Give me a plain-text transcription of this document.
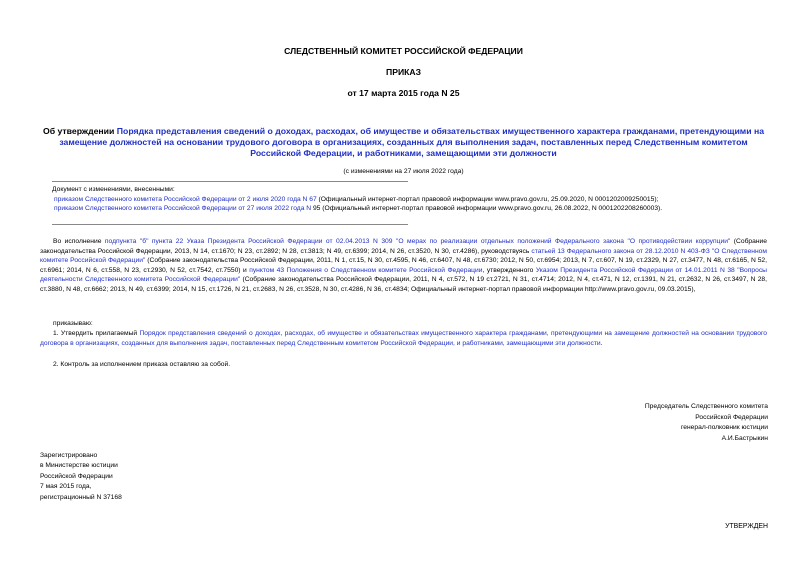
СЛЕДСТВЕННЫЙ КОМИТЕТ РОССИЙСКОЙ ФЕДЕРАЦИИ
ПРИКАЗ
от 17 марта 2015 года N 25
Об утверждении Порядка представления сведений о доходах, расходах, об имуществе и обязательствах имущественного характера гражданами, претендующими на замещение должностей на основании трудового договора в организациях, созданных для выполнения задач, поставленных перед Следственным комитетом Российской Федерации, и работниками, замещающими эти должности
(с изменениями на 27 июля 2022 года)
Документ с изменениями, внесенными:
приказом Следственного комитета Российской Федерации от 2 июля 2020 года N 67 (Официальный интернет-портал правовой информации www.pravo.gov.ru, 25.09.2020, N 0001202009250015);
приказом Следственного комитета Российской Федерации от 27 июля 2022 года N 95 (Официальный интернет-портал правовой информации www.pravo.gov.ru, 26.08.2022, N 0001202208260003).
Во исполнение подпункта "б" пункта 22 Указа Президента Российской Федерации от 02.04.2013 N 309 "О мерах по реализации отдельных положений Федерального закона "О противодействии коррупции" (Собрание законодательства Российской Федерации, 2013, N 14, ст.1670; N 23, ст.2892; N 28, ст.3813; N 49, ст.6399; 2014, N 26, ст.3520, N 30, ст.4286), руководствуясь статьей 13 Федерального закона от 28.12.2010 N 403-ФЗ "О Следственном комитете Российской Федерации" (Собрание законодательства Российской Федерации, 2011, N 1, ст.15, N 30, ст.4595, N 46, ст.6407, N 48, ст.6730; 2012, N 50, ст.6954; 2013, N 7, ст.607, N 19, ст.2329, N 27, ст.3477, N 48, ст.6165, N 52, ст.6961; 2014, N 6, ст.558, N 23, ст.2930, N 52, ст.7542, ст.7550) и пунктом 43 Положения о Следственном комитете Российской Федерации, утвержденного Указом Президента Российской Федерации от 14.01.2011 N 38 "Вопросы деятельности Следственного комитета Российской Федерации" (Собрание законодательства Российской Федерации, 2011, N 4, ст.572, N 19 ст.2721, N 31, ст.4714; 2012, N 4, ст.471, N 12, ст.1391, N 21, ст.2632, N 26, ст.3497, N 28, ст.3880, N 48, ст.6662; 2013, N 49, ст.6399; 2014, N 15, ст.1726, N 21, ст.2683, N 26, ст.3528, N 30, ст.4286, N 36, ст.4834; Официальный интернет-портал правовой информации http://www.pravo.gov.ru, 09.03.2015),
приказываю:
1. Утвердить прилагаемый Порядок представления сведений о доходах, расходах, об имуществе и обязательствах имущественного характера гражданами, претендующими на замещение должностей на основании трудового договора в организациях, созданных для выполнения задач, поставленных перед Следственным комитетом Российской Федерации, и работниками, замещающими эти должности.
2. Контроль за исполнением приказа оставляю за собой.
Председатель Следственного комитета
Российской Федерации
генерал-полковник юстиции
А.И.Бастрыкин
Зарегистрировано
в Министерстве юстиции
Российской Федерации
7 мая 2015 года,
регистрационный N 37168
УТВЕРЖДЕН
